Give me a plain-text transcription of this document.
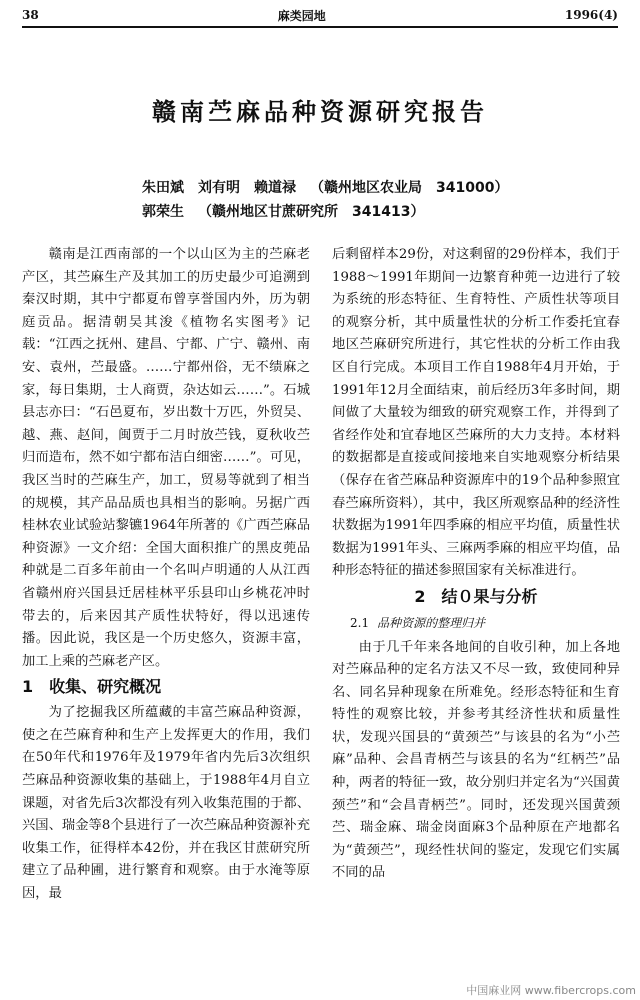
38	麻类园地	1996(4)
赣南苎麻品种资源研究报告
朱田斌　刘有明　赖道禄 （赣州地区农业局　341000）
郭荣生 （赣州地区甘蔗研究所　341413）

赣南是江西南部的一个以山区为主的苎麻老产区，其苎麻生产及其加工的历史最少可追溯到秦汉时期，其中宁都夏布曾享誉国内外，历为朝庭贡品。据清朝吴其浚《植物名实图考》记载：“江西之抚州、建昌、宁都、广宁、赣州、南安、袁州，苎最盛。……宁都州俗，无不绩麻之家，每日集期，士人商贾，杂达如云……”。石城县志亦曰：“石邑夏布，岁出数十万匹，外贸吴、越、燕、赵间，闽贾于二月时放苎钱，夏秋收苎归而造布，然不如宁都布洁白细密……”。可见，我区当时的苎麻生产，加工，贸易等就到了相当的规模，其产品品质也具相当的影响。另据广西桂林农业试验站黎镳1964年所著的《广西苎麻品种资源》一文介绍：全国大面积推广的黑皮蔸品种就是二百多年前由一个名叫卢明通的人从江西省赣州府兴国县迁居桂林平乐县印山乡桃花冲时带去的，后来因其产质性状特好，得以迅速传播。因此说，我区是一个历史悠久，资源丰富，加工上乘的苎麻老产区。

1　收集、研究概况

为了挖掘我区所蕴藏的丰富苎麻品种资源，使之在苎麻育种和生产上发挥更大的作用，我们在50年代和1976年及1979年省内先后3次组织苎麻品种资源收集的基础上，于1988年4月自立课题，对省先后3次都没有列入收集范围的于都、兴国、瑞金等8个县进行了一次苎麻品种资源补充收集工作，征得样本42份，并在我区甘蔗研究所建立了品种圃，进行繁育和观察。由于水淹等原因，最

后剩留样本29份，对这剩留的29份样本，我们于1988～1991年期间一边繁育种蔸一边进行了较为系统的形态特征、生育特性、产质性状等项目的观察分析，其中质量性状的分析工作委托宜春地区苎麻研究所进行，其它性状的分析工作由我区自行完成。本项目工作自1988年4月开始，于1991年12月全面结束，前后经历3年多时间，期间做了大量较为细致的研究观察工作，并得到了省经作处和宜春地区苎麻所的大力支持。本材料的数据都是直接或间接地来自实地观察分析结果（保存在省苎麻品种资源库中的19个品种参照宜春苎麻所资料），其中，我区所观察品种的经济性状数据为1991年四季麻的相应平均值，质量性状数据为1991年头、三麻两季麻的相应平均值，品种形态特征的描述参照国家有关标准进行。

2　结０果与分析
2.1 品种资源的整理归并

由于几千年来各地间的自收引种，加上各地对苎麻品种的定名方法又不尽一致，致使同种异名、同名异种现象在所难免。经形态特征和生育特性的观察比较，并参考其经济性状和质量性状，发现兴国县的“黄颈苎”与该县的名为“小苎麻”品种、会昌青柄苎与该县的名为“红柄苎”品种，两者的特征一致，故分别归并定名为“兴国黄颈苎”和“会昌青柄苎”。同时，还发现兴国黄颈苎、瑞金麻、瑞金岗面麻3个品种原在产地都名为“黄颈苎”，现经性状间的鉴定，发现它们实属不同的品

中国麻业网 www.fibercrops.com
